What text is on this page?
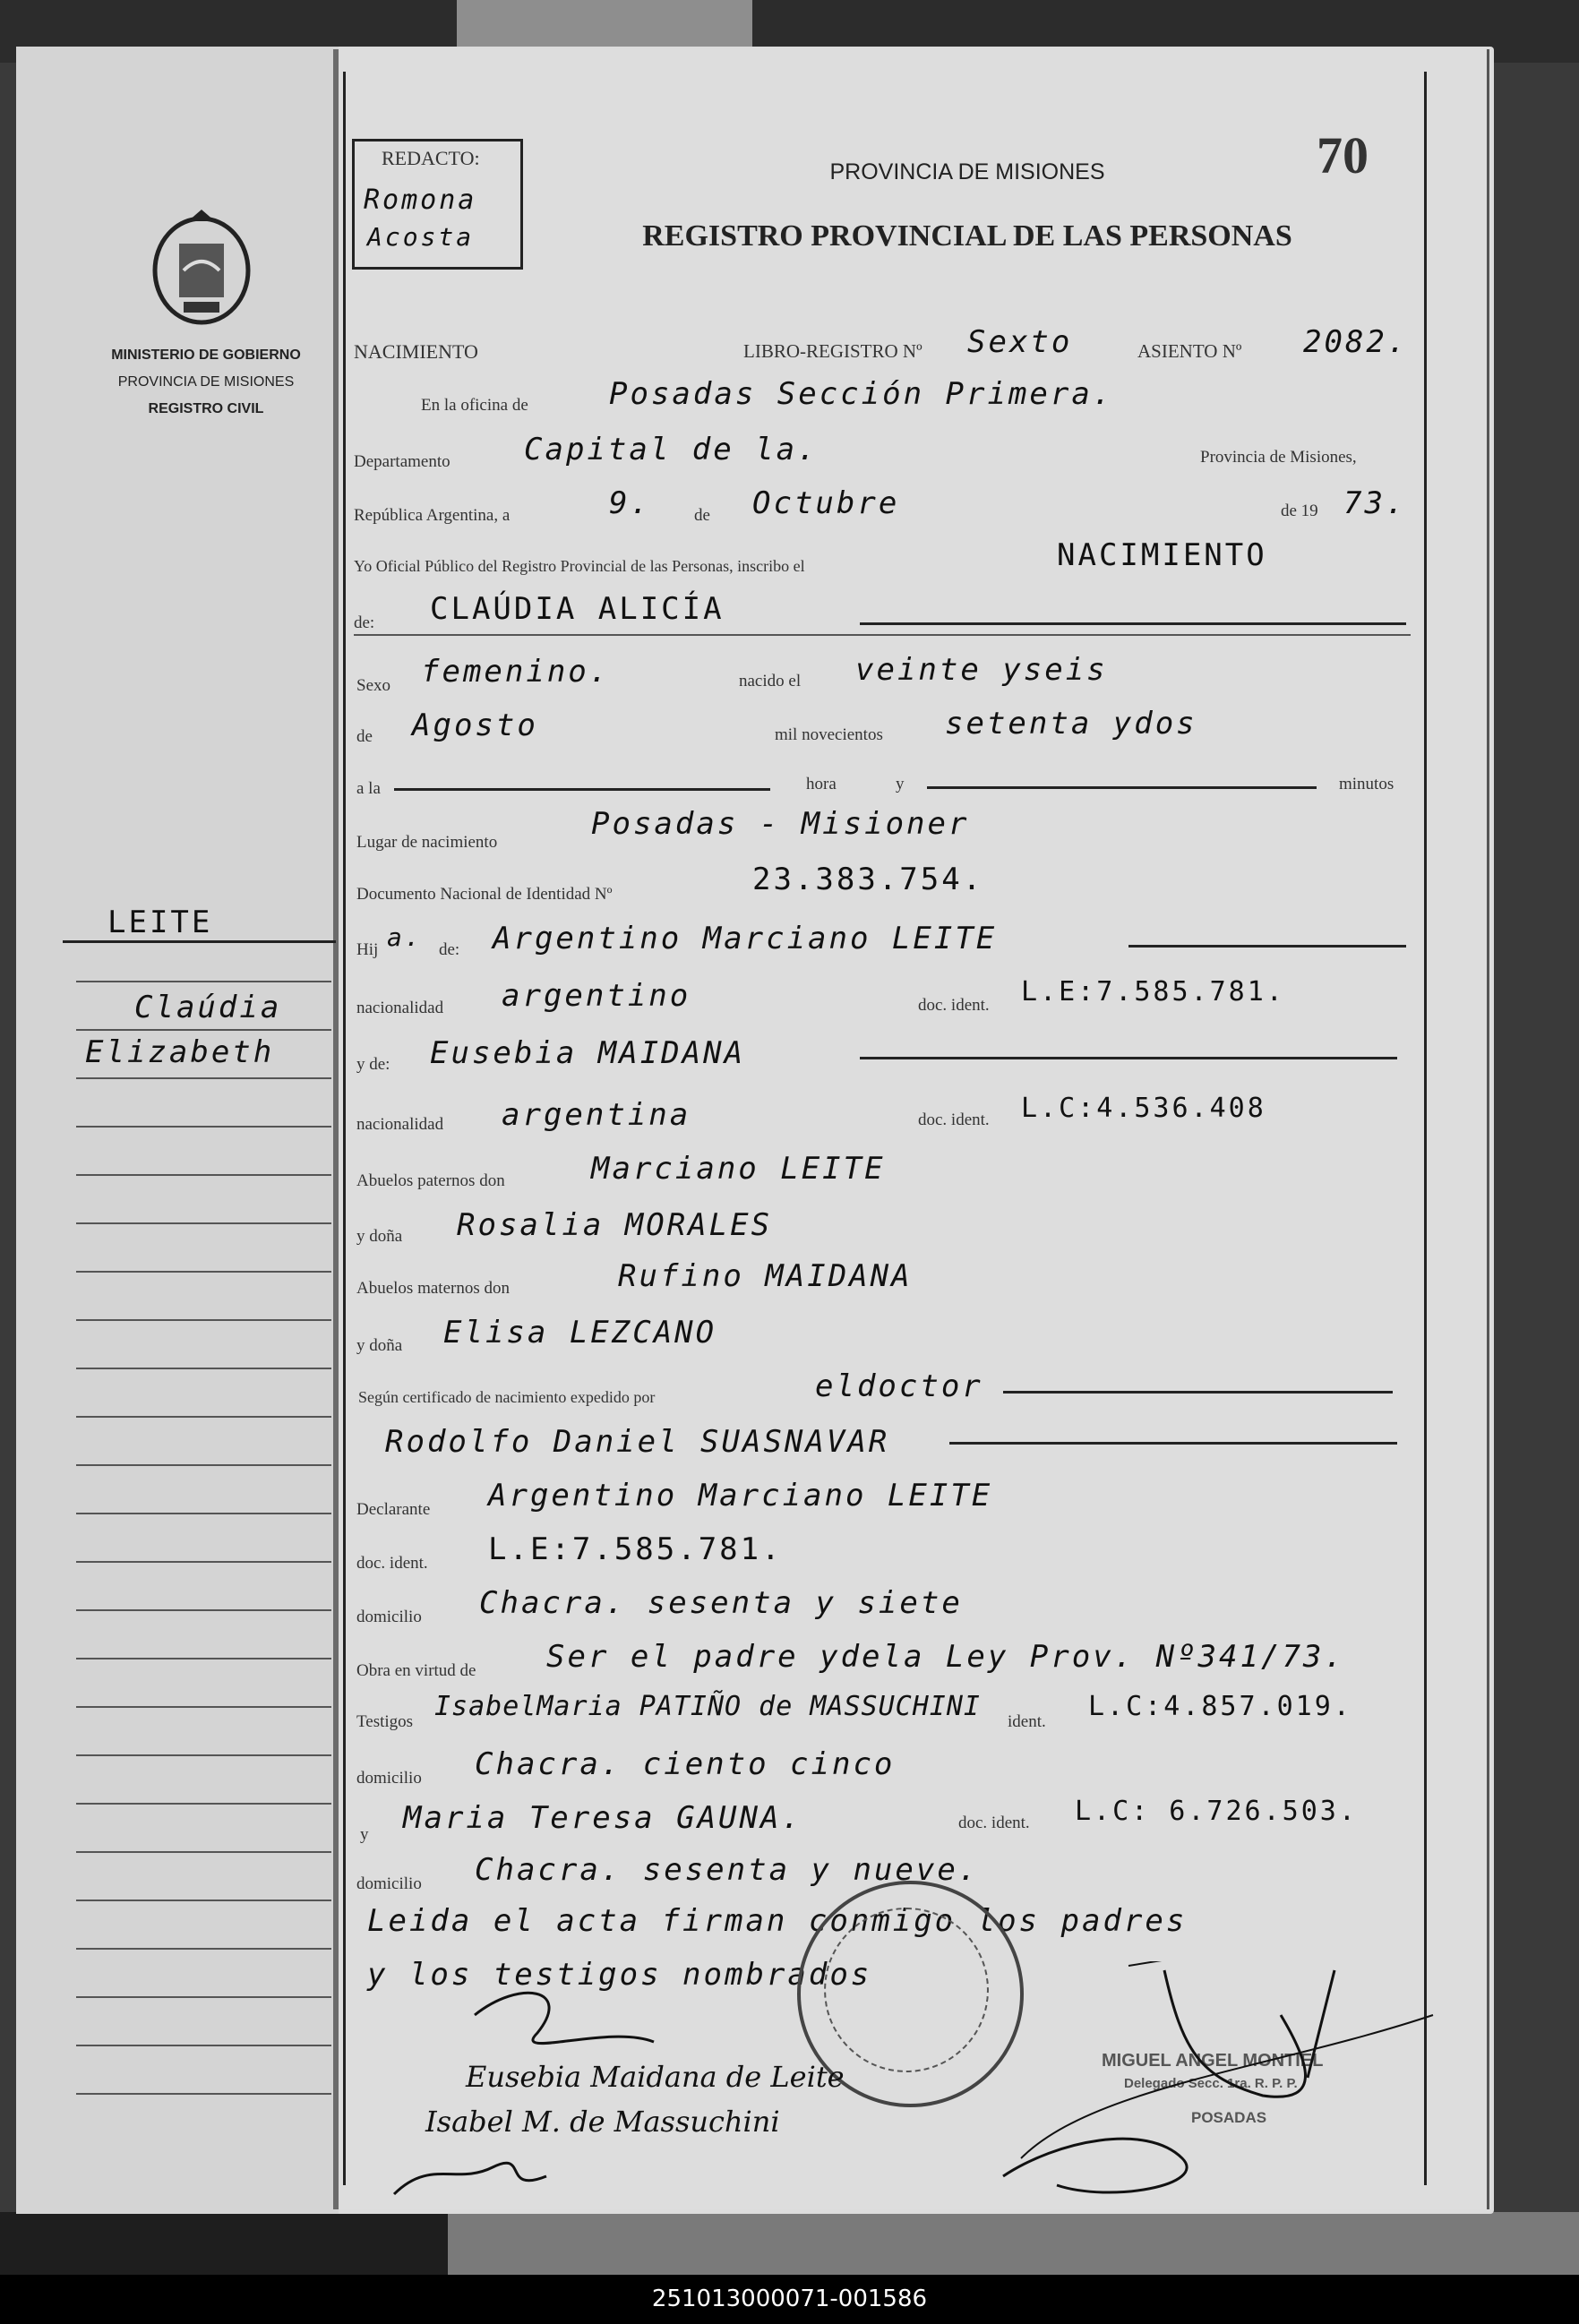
MINISTERIO DE GOBIERNO
PROVINCIA DE MISIONES
REGISTRO CIVIL
LEITE
Claúdia
Elizabeth
REDACTO:
Romona
Acosta
PROVINCIA DE MISIONES
REGISTRO PROVINCIAL DE LAS PERSONAS
70
NACIMIENTO	LIBRO-REGISTRO Nº Sexto	ASIENTO Nº 2082.
En la oficina de	Posadas Sección Primera.
Departamento Capital de la.	Provincia de Misiones,
República Argentina, a	9.	de Octubre	de 19 73.
Yo Oficial Público del Registro Provincial de las Personas, inscribo el	NACIMIENTO
de: CLAÚDIA ALICÍA
Sexo femenino.	nacido el veinte yseis
de Agosto	mil novecientos setenta ydos
a la	hora	y	minutos
Lugar de nacimiento
Posadas - Misioner
Documento Nacional de Identidad Nº	23.383.754.
Hij a. de: Argentino Marciano LEITE
nacionalidad argentino	doc. ident. L.E:7.585.781.
y de: Eusebia MAIDANA
nacionalidad argentina	doc. ident. L.C:4.536.408
Abuelos paternos don	Marciano LEITE
y doña Rosalia MORALES
Abuelos maternos don	Rufino MAIDANA
y doña Elisa LEZCANO
Según certificado de nacimiento expedido por	eldoctor
Rodolfo Daniel SUASNAVAR
Declarante Argentino Marciano LEITE
doc. ident. L.E:7.585.781.
domicilio Chacra. sesenta y siete
Obra en virtud de Ser el padre ydela Ley Prov. Nº341/73.
Testigos IsabelMaria PATIÑO de MASSUCHINI ident. L.C:4.857.019.
domicilio Chacra. ciento cinco
y Maria Teresa GAUNA.	doc. ident. L.C: 6.726.503.
domicilio Chacra. sesenta y nueve.
Leida el acta firman conmigo los padres
y los testigos nombrados
MIGUEL ANGEL MONTIEL
Delegado Secc. 1ra. R. P. P.
POSADAS
Eusebia Maidana de Leite
Isabel M. de Massuchini
251013000071-001586
